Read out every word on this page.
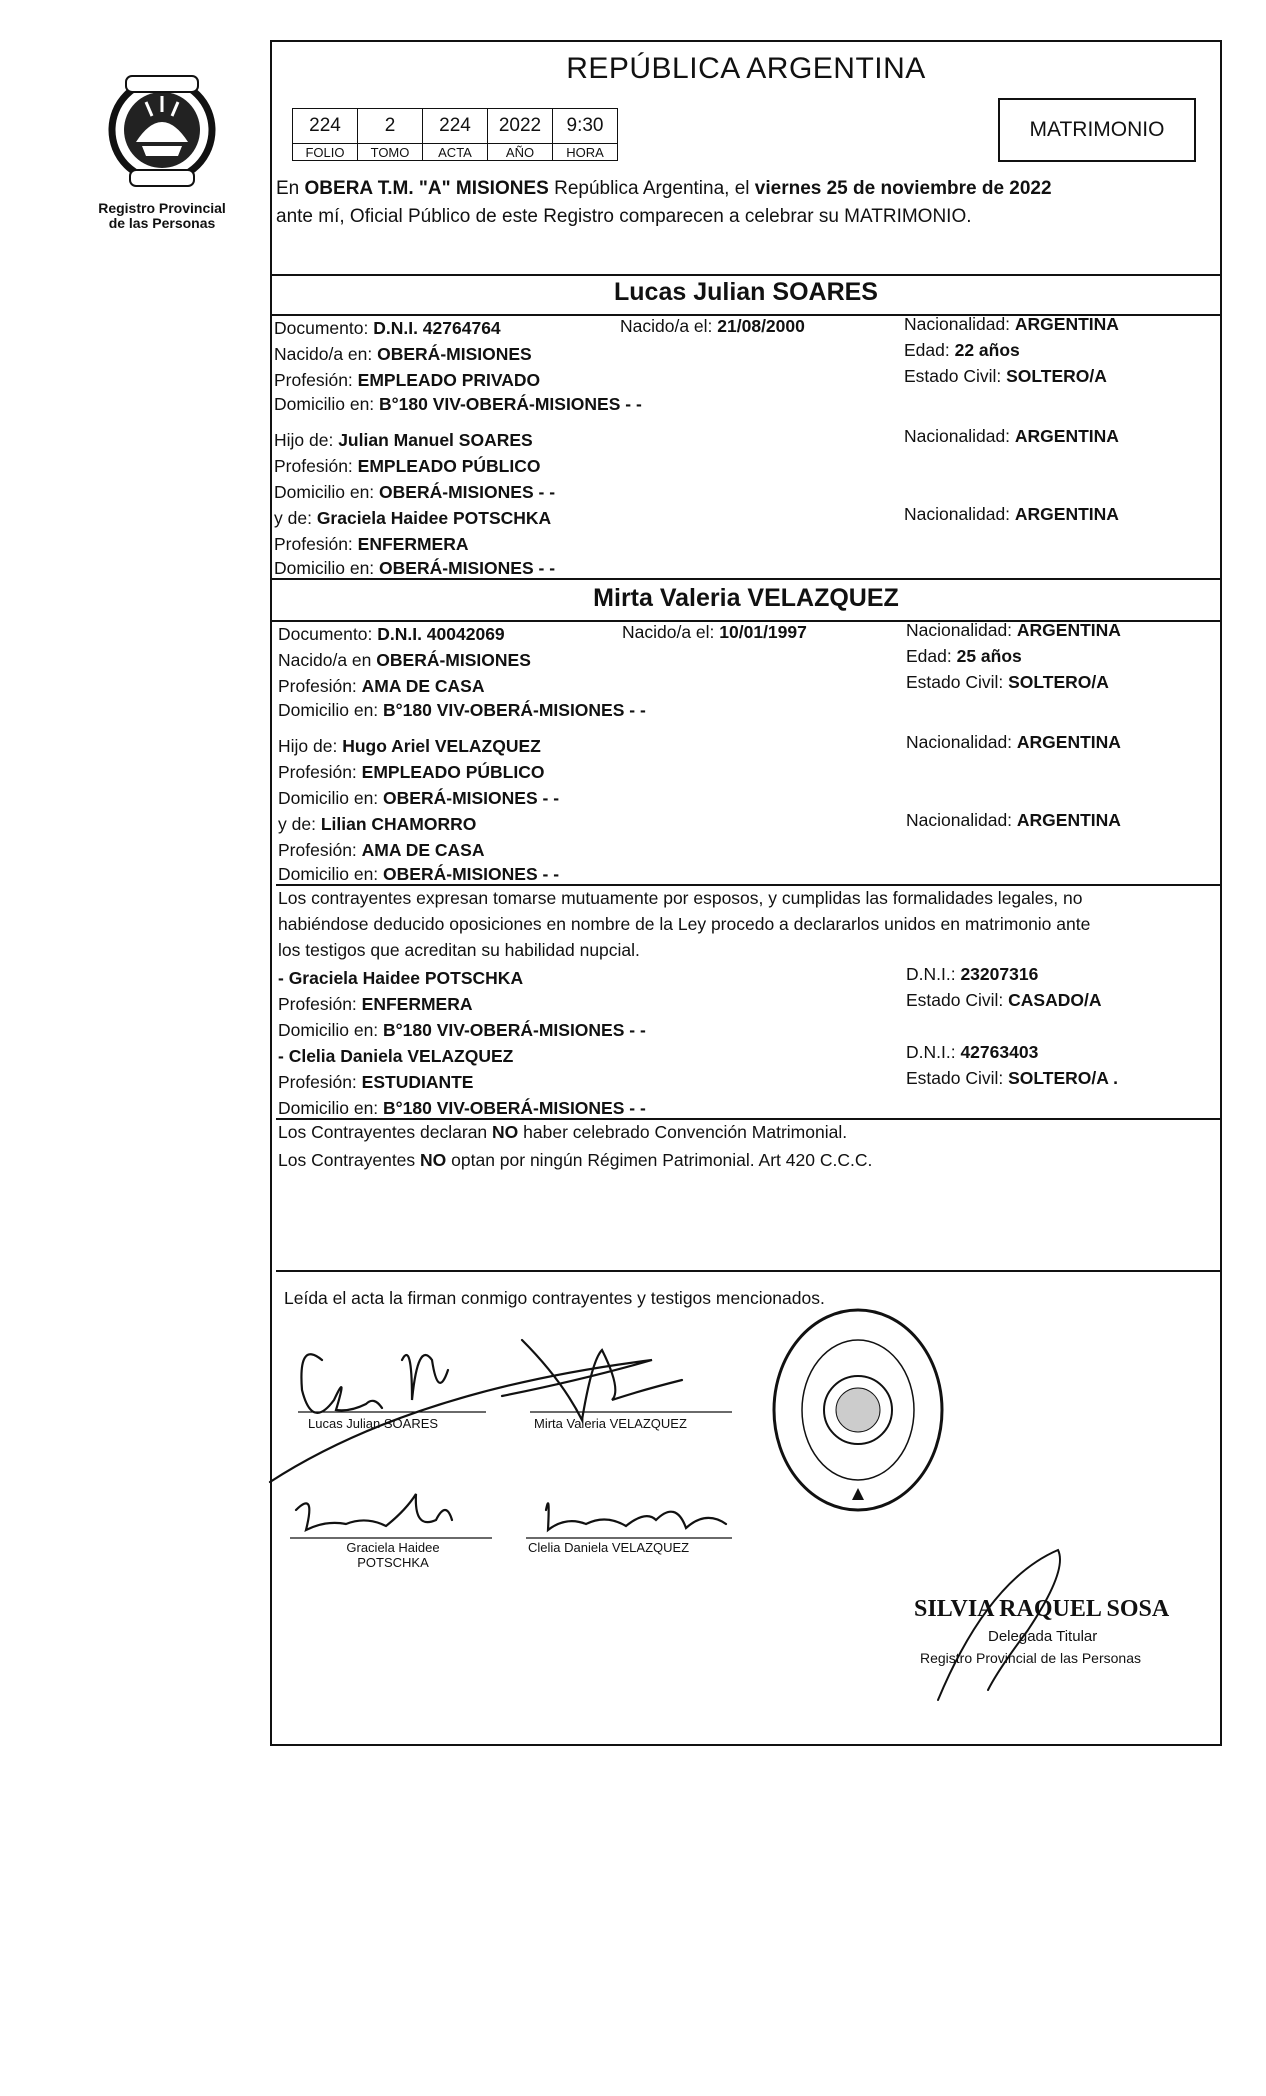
Registro Provincial
de las Personas
REPÚBLICA ARGENTINA
224	2	224	2022	9:30
FOLIO	TOMO	ACTA	AÑO	HORA
MATRIMONIO
En OBERA T.M. "A" MISIONES República Argentina, el viernes 25 de noviembre de 2022
ante mí, Oficial Público de este Registro comparecen a celebrar su MATRIMONIO.
Lucas Julian SOARES
Documento: D.N.I. 42764764	Nacido/a el: 21/08/2000	Nacionalidad: ARGENTINA
Nacido/a en: OBERÁ-MISIONES	Edad: 22 años
Profesión: EMPLEADO PRIVADO	Estado Civil: SOLTERO/A
Domicilio en: B°180 VIV-OBERÁ-MISIONES - -
Hijo de: Julian Manuel SOARES	Nacionalidad: ARGENTINA
Profesión: EMPLEADO PÚBLICO
Domicilio en: OBERÁ-MISIONES - -
y de: Graciela Haidee POTSCHKA	Nacionalidad: ARGENTINA
Profesión: ENFERMERA
Domicilio en: OBERÁ-MISIONES - -
Mirta Valeria VELAZQUEZ
Documento: D.N.I. 40042069	Nacido/a el: 10/01/1997	Nacionalidad: ARGENTINA
Nacido/a en OBERÁ-MISIONES	Edad: 25 años
Profesión: AMA DE CASA	Estado Civil: SOLTERO/A
Domicilio en: B°180 VIV-OBERÁ-MISIONES - -
Hijo de: Hugo Ariel VELAZQUEZ	Nacionalidad: ARGENTINA
Profesión: EMPLEADO PÚBLICO
Domicilio en: OBERÁ-MISIONES - -
y de: Lilian CHAMORRO	Nacionalidad: ARGENTINA
Profesión: AMA DE CASA
Domicilio en: OBERÁ-MISIONES - -
Los contrayentes expresan tomarse mutuamente por esposos, y cumplidas las formalidades legales, no
habiéndose deducido oposiciones en nombre de la Ley procedo a declararlos unidos en matrimonio ante
los testigos que acreditan su habilidad nupcial.
- Graciela Haidee POTSCHKA	D.N.I.: 23207316
Profesión: ENFERMERA	Estado Civil: CASADO/A
Domicilio en: B°180 VIV-OBERÁ-MISIONES - -
- Clelia Daniela VELAZQUEZ	D.N.I.: 42763403
Profesión: ESTUDIANTE	Estado Civil: SOLTERO/A .
Domicilio en: B°180 VIV-OBERÁ-MISIONES - -
Los Contrayentes declaran NO haber celebrado Convención Matrimonial.
Los Contrayentes NO optan por ningún Régimen Patrimonial. Art 420 C.C.C.
Leída el acta la firman conmigo contrayentes y testigos mencionados.
Lucas Julian SOARES	Mirta Valeria VELAZQUEZ
Graciela Haidee
POTSCHKA
Clelia Daniela VELAZQUEZ
SILVIA RAQUEL SOSA
Delegada Titular
Registro Provincial de las Personas
